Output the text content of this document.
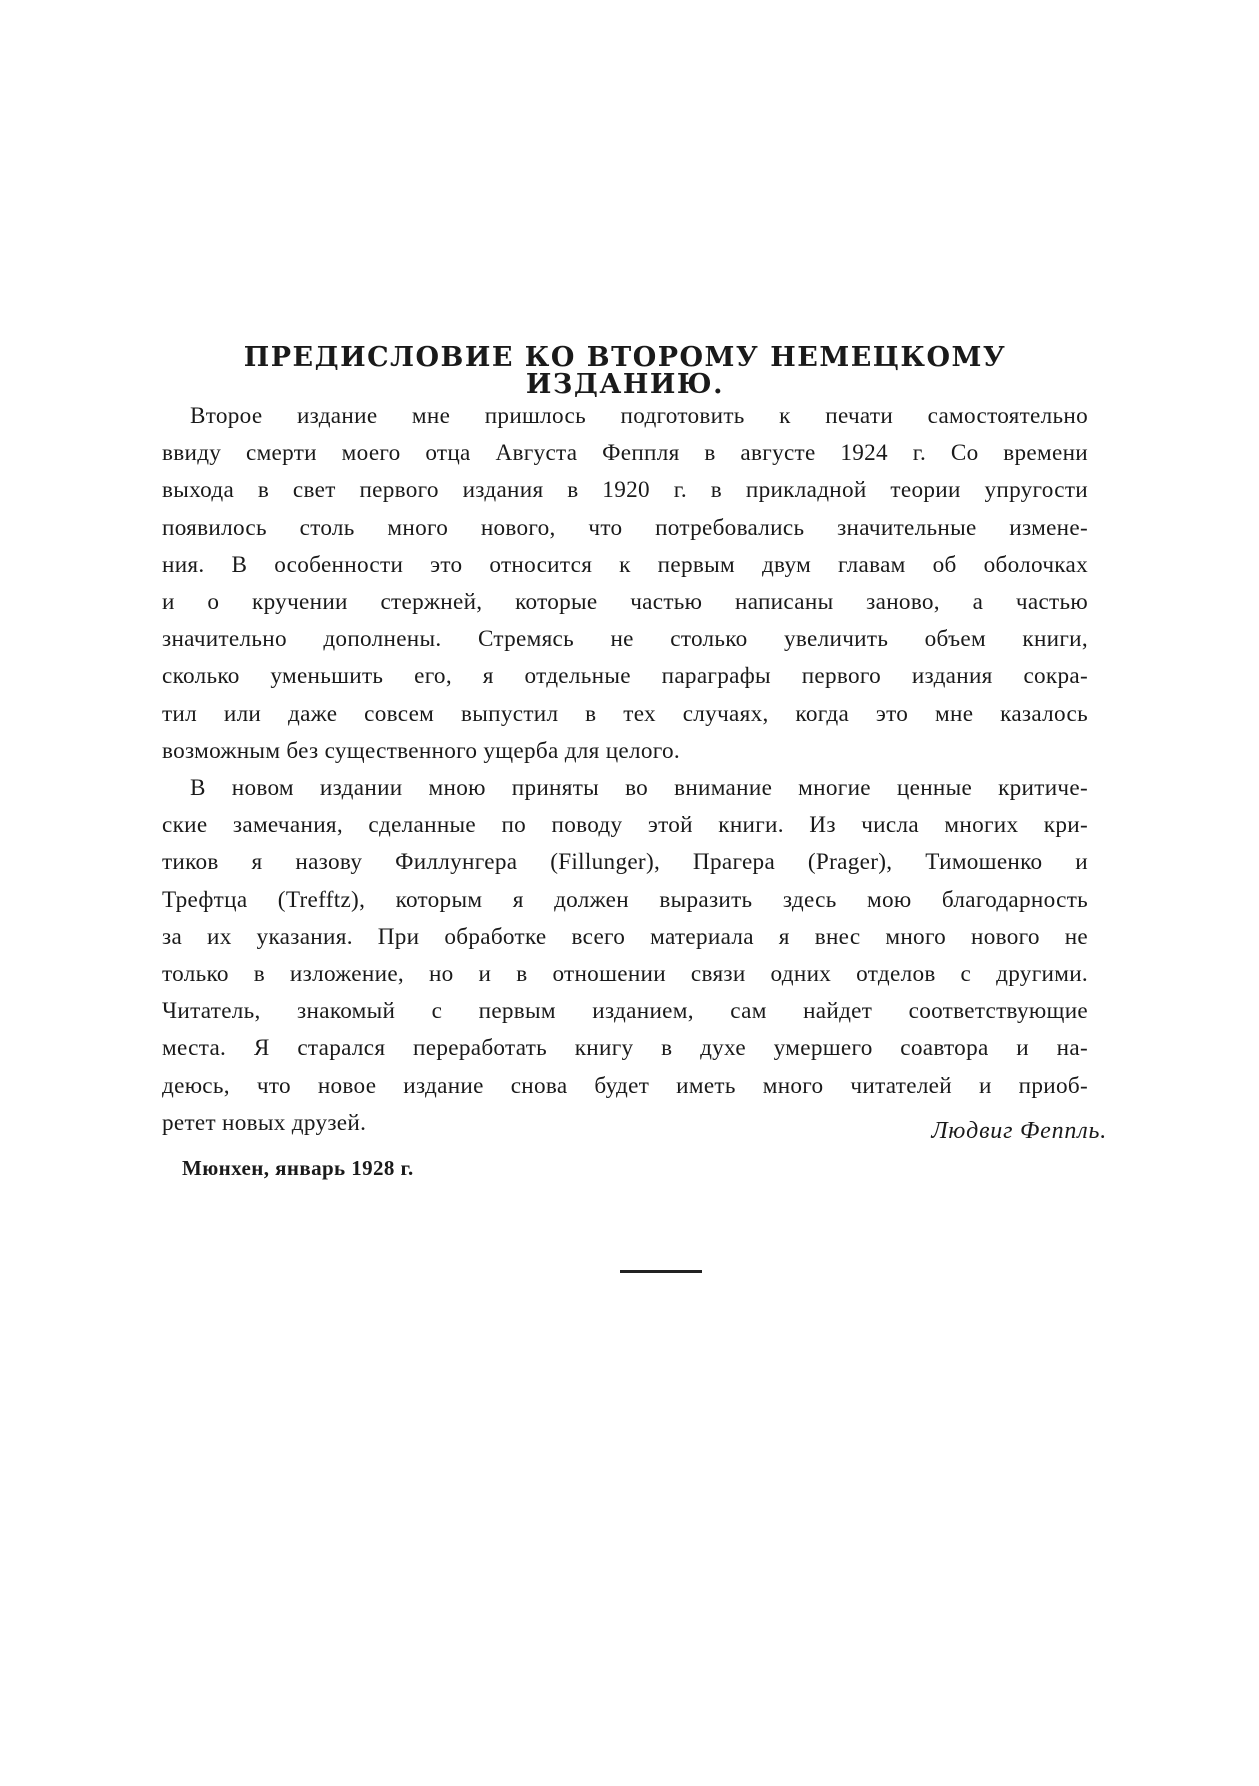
ПРЕДИСЛОВИЕ КО ВТОРОМУ НЕМЕЦКОМУ ИЗДАНИЮ.
Второе издание мне пришлось подготовить к печати самостоятельно
ввиду смерти моего отца Августа Феппля в августе 1924 г. Со времени
выхода в свет первого издания в 1920 г. в прикладной теории упругости
появилось столь много нового, что потребовались значительные измене-
ния. В особенности это относится к первым двум главам об оболочках
и о кручении стержней, которые частью написаны заново, а частью
значительно дополнены. Стремясь не столько увеличить объем книги,
сколько уменьшить его, я отдельные параграфы первого издания сокра-
тил или даже совсем выпустил в тех случаях, когда это мне казалось
возможным без существенного ущерба для целого.
В новом издании мною приняты во внимание многие ценные критиче-
ские замечания, сделанные по поводу этой книги. Из числа многих кри-
тиков я назову Филлунгера (Fillunger), Прагера (Prager), Тимошенко и
Трефтца (Trefftz), которым я должен выразить здесь мою благодарность
за их указания. При обработке всего материала я внес много нового не
только в изложение, но и в отношении связи одних отделов с другими.
Читатель, знакомый с первым изданием, сам найдет соответствующие
места. Я старался переработать книгу в духе умершего соавтора и на-
деюсь, что новое издание снова будет иметь много читателей и приоб-
ретет новых друзей.	Людвиг Феппль.
Мюнхен, январь 1928 г.
